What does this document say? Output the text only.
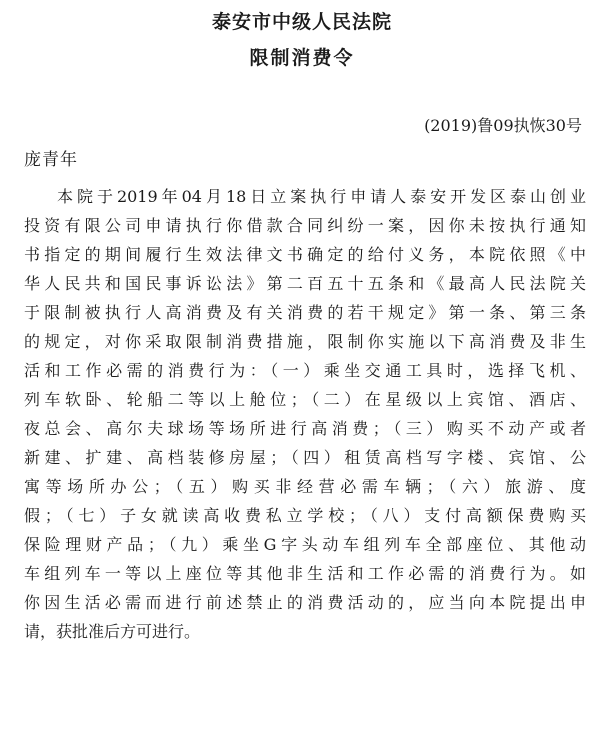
泰安市中级人民法院
限制消费令
(2019)鲁09执恢30号
庞青年
本院于2019年04月18日立案执行申请人泰安开发区泰山创业
投资有限公司申请执行你借款合同纠纷一案，因你未按执行通知
书指定的期间履行生效法律文书确定的给付义务，本院依照《中
华人民共和国民事诉讼法》第二百五十五条和《最高人民法院关
于限制被执行人高消费及有关消费的若干规定》第一条、第三条
的规定，对你采取限制消费措施，限制你实施以下高消费及非生
活和工作必需的消费行为：（一）乘坐交通工具时，选择飞机、
列车软卧、轮船二等以上舱位；（二）在星级以上宾馆、酒店、
夜总会、高尔夫球场等场所进行高消费；（三）购买不动产或者
新建、扩建、高档装修房屋；（四）租赁高档写字楼、宾馆、公
寓等场所办公；（五）购买非经营必需车辆；（六）旅游、度
假；（七）子女就读高收费私立学校；（八）支付高额保费购买
保险理财产品；（九）乘坐G字头动车组列车全部座位、其他动
车组列车一等以上座位等其他非生活和工作必需的消费行为。如
你因生活必需而进行前述禁止的消费活动的，应当向本院提出申
请，获批准后方可进行。
